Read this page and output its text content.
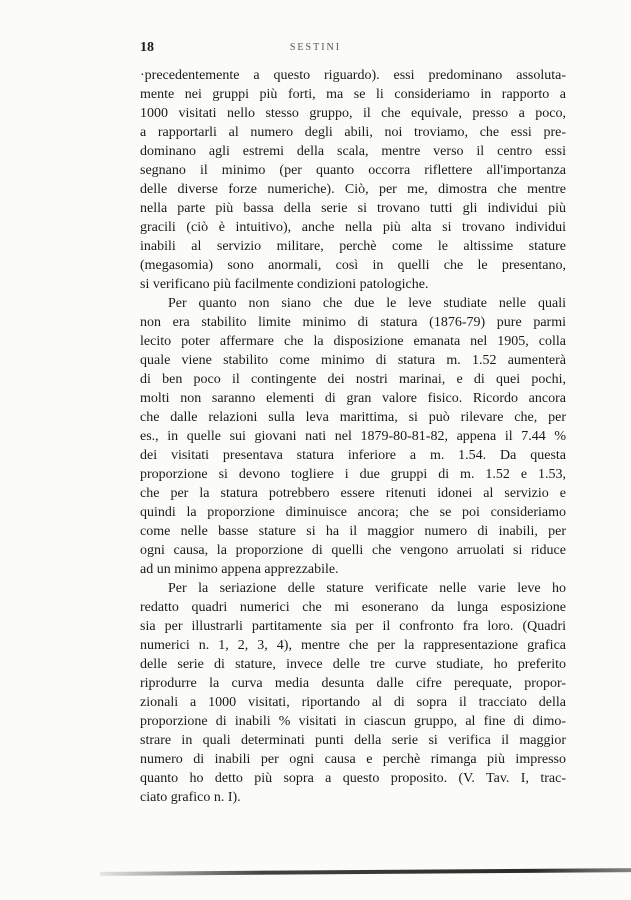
18	SESTINI
·precedentemente a questo riguardo). essi predominano assoluta-
mente nei gruppi più forti, ma se li consideriamo in rapporto a
1000 visitati nello stesso gruppo, il che equivale, presso a poco,
a rapportarli al numero degli abili, noi troviamo, che essi pre-
dominano agli estremi della scala, mentre verso il centro essi
segnano il minimo (per quanto occorra riflettere all'importanza
delle diverse forze numeriche). Ciò, per me, dimostra che mentre
nella parte più bassa della serie si trovano tutti gli individui più
gracili (ciò è intuitivo), anche nella più alta si trovano individui
inabili al servizio militare, perchè come le altissime stature
(megasomia) sono anormali, così in quelli che le presentano,
si verificano più facilmente condizioni patologiche.
Per quanto non siano che due le leve studiate nelle quali
non era stabilito limite minimo di statura (1876-79) pure parmi
lecito poter affermare che la disposizione emanata nel 1905, colla
quale viene stabilito come minimo di statura m. 1.52 aumenterà
di ben poco il contingente dei nostri marinai, e di quei pochi,
molti non saranno elementi di gran valore fisico. Ricordo ancora
che dalle relazioni sulla leva marittima, si può rilevare che, per
es., in quelle sui giovani nati nel 1879-80-81-82, appena il 7.44 %
dei visitati presentava statura inferiore a m. 1.54. Da questa
proporzione si devono togliere i due gruppi di m. 1.52 e 1.53,
che per la statura potrebbero essere ritenuti idonei al servizio e
quindi la proporzione diminuisce ancora; che se poi consideriamo
come nelle basse stature si ha il maggior numero di inabili, per
ogni causa, la proporzione di quelli che vengono arruolati si riduce
ad un minimo appena apprezzabile.
Per la seriazione delle stature verificate nelle varie leve ho
redatto quadri numerici che mi esonerano da lunga esposizione
sia per illustrarli partitamente sia per il confronto fra loro. (Quadri
numerici n. 1, 2, 3, 4), mentre che per la rappresentazione grafica
delle serie di stature, invece delle tre curve studiate, ho preferito
riprodurre la curva media desunta dalle cifre perequate, propor-
zionali a 1000 visitati, riportando al di sopra il tracciato della
proporzione di inabili % visitati in ciascun gruppo, al fine di dimo-
strare in quali determinati punti della serie si verifica il maggior
numero di inabili per ogni causa e perchè rimanga più impresso
quanto ho detto più sopra a questo proposito. (V. Tav. I, trac-
ciato grafico n. I).
